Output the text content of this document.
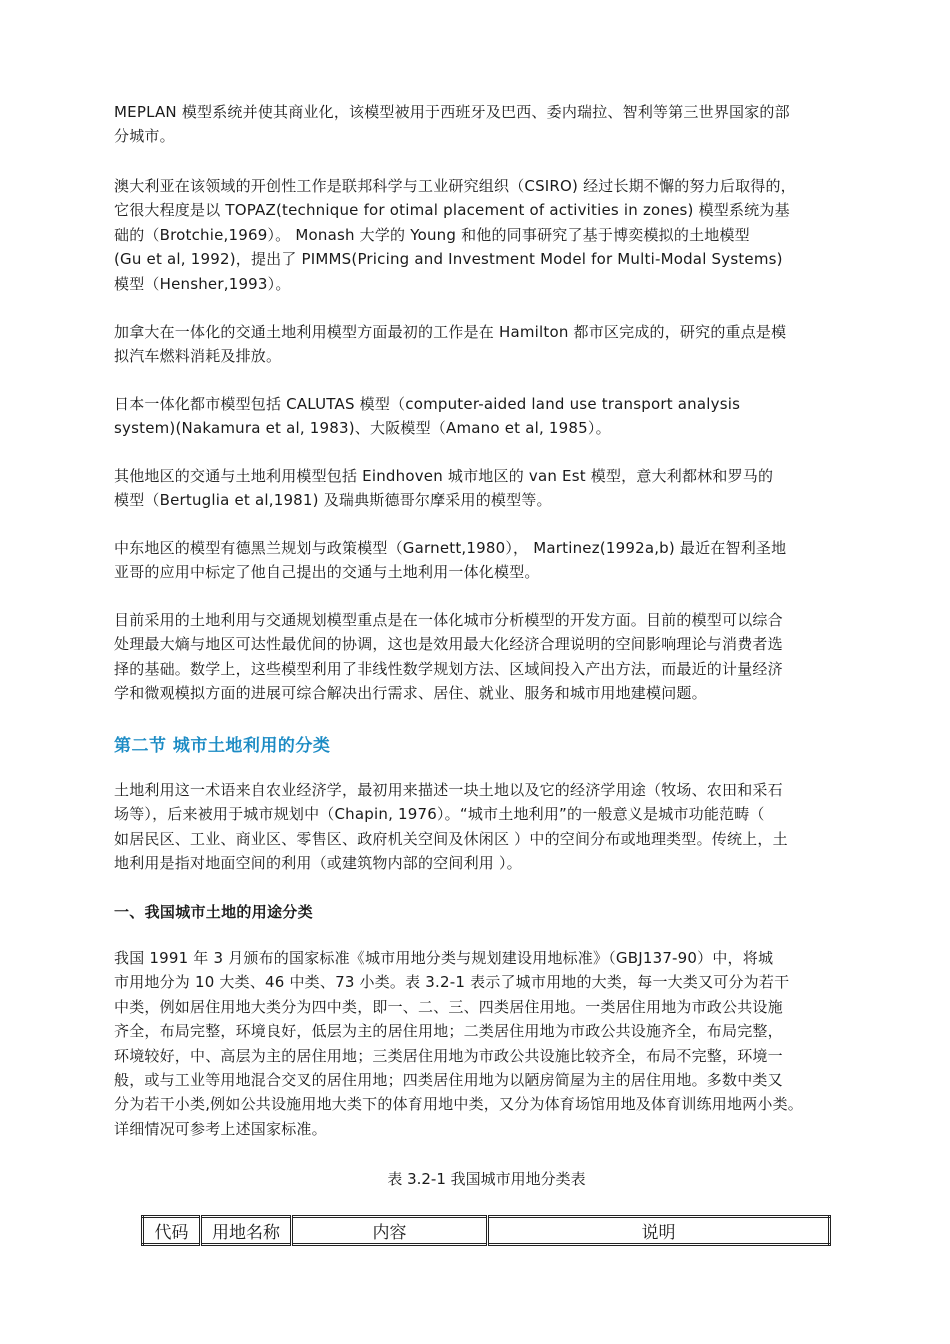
MEPLAN 模型系统并使其商业化，该模型被用于西班牙及巴西、委内瑞拉、智利等第三世界国家的部

分城市。

澳大利亚在该领域的开创性工作是联邦科学与工业研究组织（CSIRO) 经过长期不懈的努力后取得的，

它很大程度是以 TOPAZ(technique for otimal placement of activities in zones) 模型系统为基

础的（Brotchie,1969）。 Monash 大学的 Young 和他的同事研究了基于博奕模拟的土地模型

(Gu et al, 1992)，提出了 PIMMS(Pricing and Investment Model for Multi-Modal Systems)

模型（Hensher,1993）。

加拿大在一体化的交通土地利用模型方面最初的工作是在 Hamilton 都市区完成的，研究的重点是模

拟汽车燃料消耗及排放。

日本一体化都市模型包括 CALUTAS 模型（computer-aided land use transport analysis

system)(Nakamura et al, 1983)、大阪模型（Amano et al, 1985）。

其他地区的交通与土地利用模型包括 Eindhoven 城市地区的 van Est 模型，意大利都林和罗马的

模型（Bertuglia et al,1981) 及瑞典斯德哥尔摩采用的模型等。

中东地区的模型有德黑兰规划与政策模型（Garnett,1980）， Martinez(1992a,b) 最近在智利圣地

亚哥的应用中标定了他自己提出的交通与土地利用一体化模型。

目前采用的土地利用与交通规划模型重点是在一体化城市分析模型的开发方面。目前的模型可以综合

处理最大熵与地区可达性最优间的协调，这也是效用最大化经济合理说明的空间影响理论与消费者选

择的基础。数学上，这些模型利用了非线性数学规划方法、区域间投入产出方法，而最近的计量经济

学和微观模拟方面的进展可综合解决出行需求、居住、就业、服务和城市用地建模问题。

第二节 城市土地利用的分类

土地利用这一术语来自农业经济学，最初用来描述一块土地以及它的经济学用途（牧场、农田和采石

场等），后来被用于城市规划中（Chapin, 1976）。“城市土地利用”的一般意义是城市功能范畴（

如居民区、工业、商业区、零售区、政府机关空间及休闲区 ）中的空间分布或地理类型。传统上，土

地利用是指对地面空间的利用（或建筑物内部的空间利用 ）。

一、我国城市土地的用途分类

我国 1991 年 3 月颁布的国家标准《城市用地分类与规划建设用地标准》（GBJ137-90）中，将城

市用地分为 10 大类、46 中类、73 小类。表 3.2-1 表示了城市用地的大类，每一大类又可分为若干

中类，例如居住用地大类分为四中类，即一、二、三、四类居住用地。一类居住用地为市政公共设施

齐全，布局完整，环境良好，低层为主的居住用地；二类居住用地为市政公共设施齐全，布局完整，

环境较好，中、高层为主的居住用地；三类居住用地为市政公共设施比较齐全，布局不完整，环境一

般，或与工业等用地混合交叉的居住用地；四类居住用地为以陋房简屋为主的居住用地。多数中类又

分为若干小类,例如公共设施用地大类下的体育用地中类，又分为体育场馆用地及体育训练用地两小类。

详细情况可参考上述国家标准。

表 3.2-1 我国城市用地分类表
代码	用地名称	内容	说明
